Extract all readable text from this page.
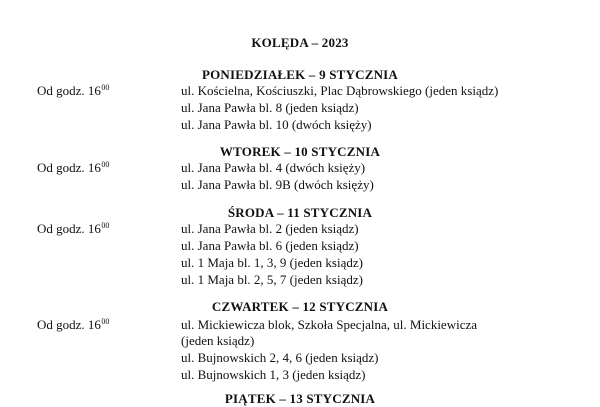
KOLĘDA – 2023
PONIEDZIAŁEK – 9 STYCZNIA
Od godz. $16^{00}$	ul. Kościelna, Kościuszki, Plac Dąbrowskiego (jeden ksiądz)
ul. Jana Pawła bl. 8 (jeden ksiądz)
ul. Jana Pawła bl. 10 (dwóch księży)
WTOREK – 10 STYCZNIA
Od godz. $16^{00}$	ul. Jana Pawła bl. 4 (dwóch księży)
ul. Jana Pawła bl. 9B (dwóch księży)
ŚRODA – 11 STYCZNIA
Od godz. $16^{00}$	ul. Jana Pawła bl. 2 (jeden ksiądz)
ul. Jana Pawła bl. 6 (jeden ksiądz)
ul. 1 Maja bl. 1, 3, 9 (jeden ksiądz)
ul. 1 Maja bl. 2, 5, 7 (jeden ksiądz)
CZWARTEK – 12 STYCZNIA
Od godz. $16^{00}$	ul. Mickiewicza blok, Szkoła Specjalna, ul. Mickiewicza
(jeden ksiądz)
ul. Bujnowskich 2, 4, 6 (jeden ksiądz)
ul. Bujnowskich 1, 3 (jeden ksiądz)
PIĄTEK – 13 STYCZNIA
